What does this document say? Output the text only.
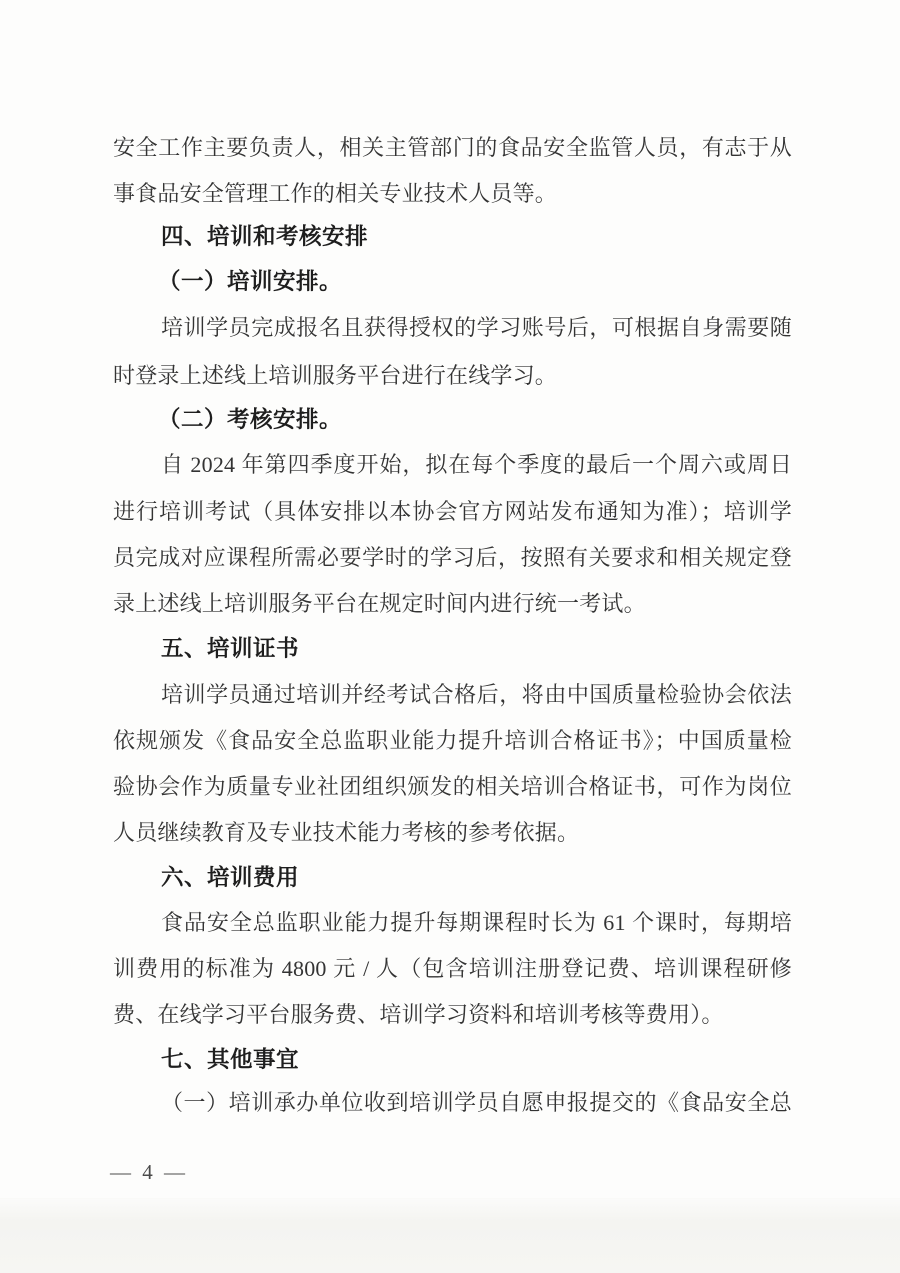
安全工作主要负责人，相关主管部门的食品安全监管人员，有志于从
事食品安全管理工作的相关专业技术人员等。
四、培训和考核安排
（一）培训安排。
培训学员完成报名且获得授权的学习账号后，可根据自身需要随
时登录上述线上培训服务平台进行在线学习。
（二）考核安排。
自 2024 年第四季度开始，拟在每个季度的最后一个周六或周日
进行培训考试（具体安排以本协会官方网站发布通知为准）；培训学
员完成对应课程所需必要学时的学习后，按照有关要求和相关规定登
录上述线上培训服务平台在规定时间内进行统一考试。
五、培训证书
培训学员通过培训并经考试合格后，将由中国质量检验协会依法
依规颁发《食品安全总监职业能力提升培训合格证书》；中国质量检
验协会作为质量专业社团组织颁发的相关培训合格证书，可作为岗位
人员继续教育及专业技术能力考核的参考依据。
六、培训费用
食品安全总监职业能力提升每期课程时长为 61 个课时，每期培
训费用的标准为 4800 元 / 人（包含培训注册登记费、培训课程研修
费、在线学习平台服务费、培训学习资料和培训考核等费用）。
七、其他事宜
（一）培训承办单位收到培训学员自愿申报提交的《食品安全总
— 4 —
